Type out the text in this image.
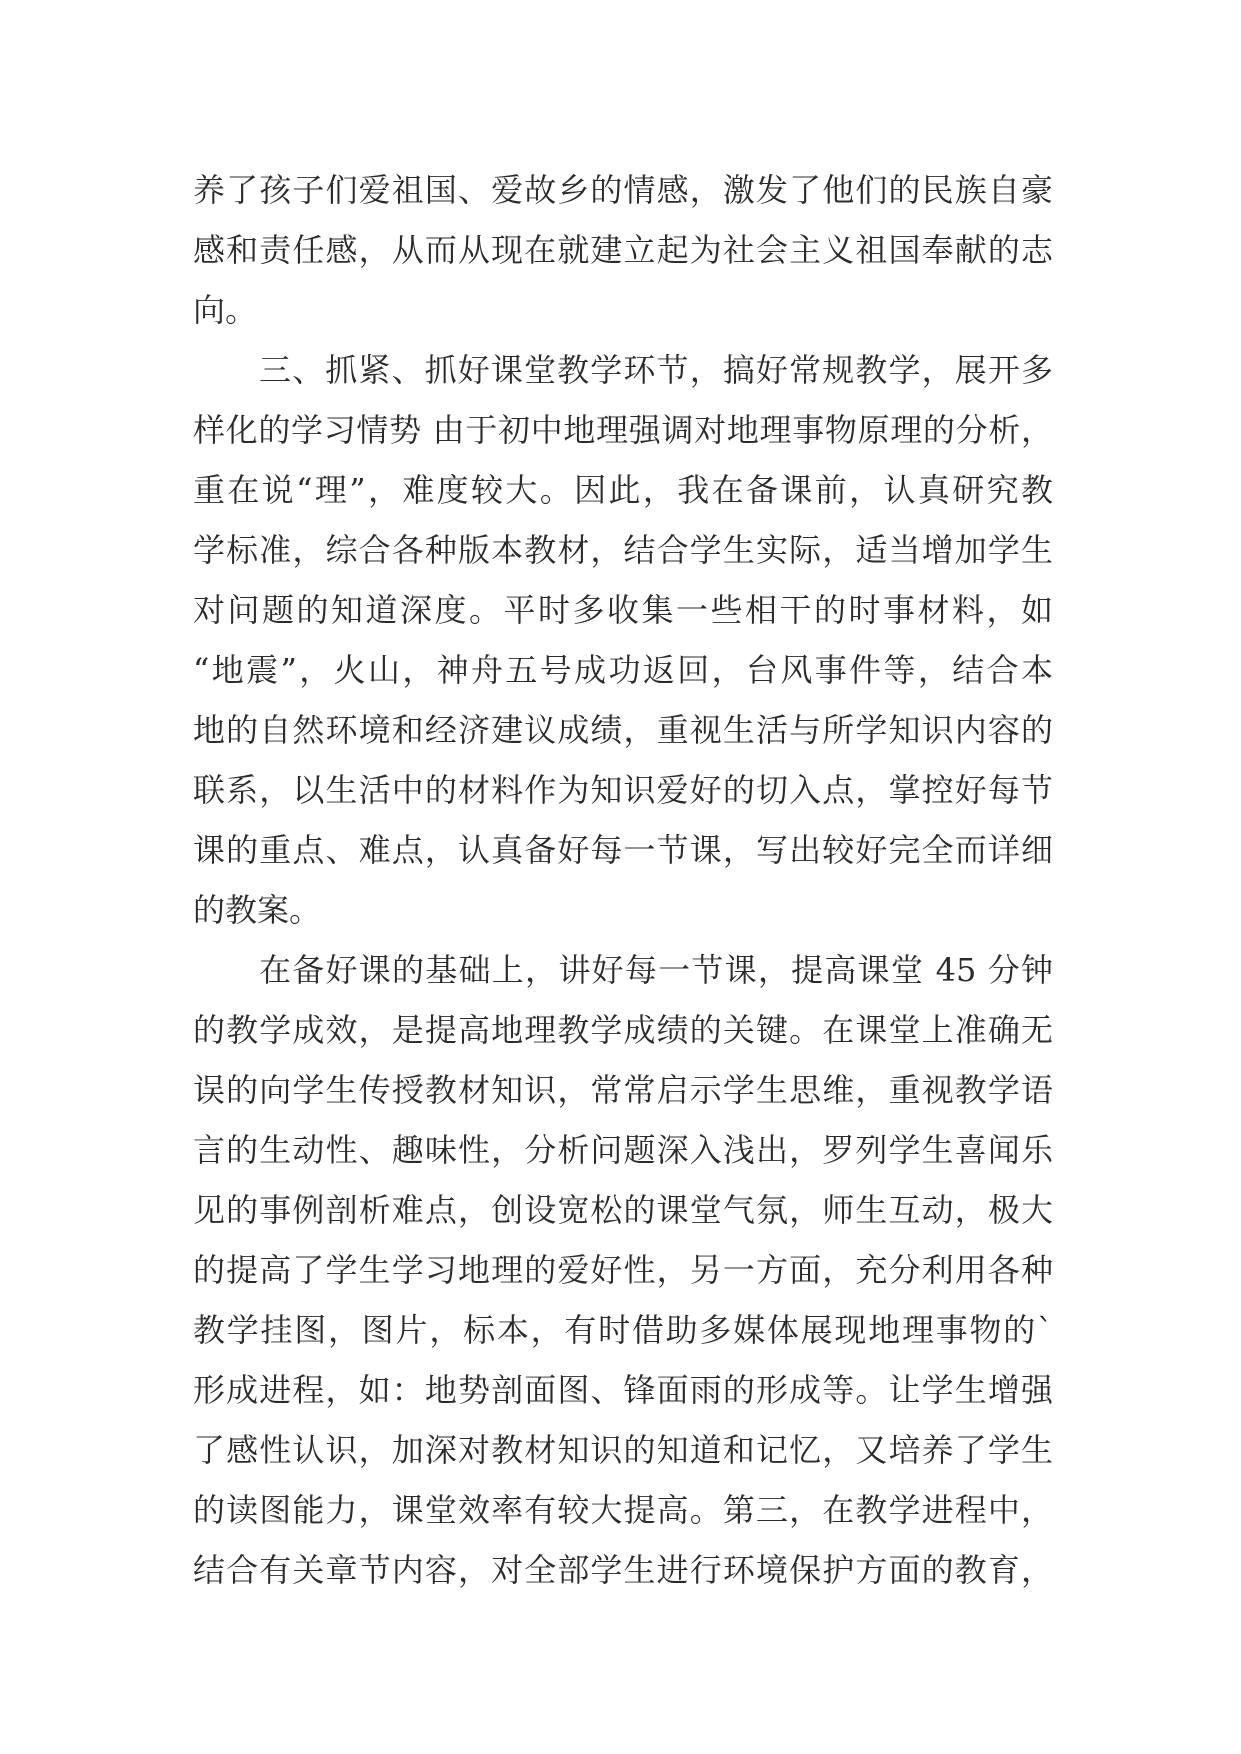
养了孩子们爱祖国、爱故乡的情感，激发了他们的民族自豪
感和责任感，从而从现在就建立起为社会主义祖国奉献的志
向。
三、抓紧、抓好课堂教学环节，搞好常规教学，展开多
样化的学习情势 由于初中地理强调对地理事物原理的分析，
重在说“理”，难度较大。因此，我在备课前，认真研究教
学标准，综合各种版本教材，结合学生实际，适当增加学生
对问题的知道深度。平时多收集一些相干的时事材料，如
“地震”，火山，神舟五号成功返回，台风事件等，结合本
地的自然环境和经济建议成绩，重视生活与所学知识内容的
联系，以生活中的材料作为知识爱好的切入点，掌控好每节
课的重点、难点，认真备好每一节课，写出较好完全而详细
的教案。
在备好课的基础上，讲好每一节课，提高课堂 45 分钟
的教学成效，是提高地理教学成绩的关键。在课堂上准确无
误的向学生传授教材知识，常常启示学生思维，重视教学语
言的生动性、趣味性，分析问题深入浅出，罗列学生喜闻乐
见的事例剖析难点，创设宽松的课堂气氛，师生互动，极大
的提高了学生学习地理的爱好性，另一方面，充分利用各种
教学挂图，图片，标本，有时借助多媒体展现地理事物的`
形成进程，如：地势剖面图、锋面雨的形成等。让学生增强
了感性认识，加深对教材知识的知道和记忆，又培养了学生
的读图能力，课堂效率有较大提高。第三，在教学进程中，
结合有关章节内容，对全部学生进行环境保护方面的教育，
